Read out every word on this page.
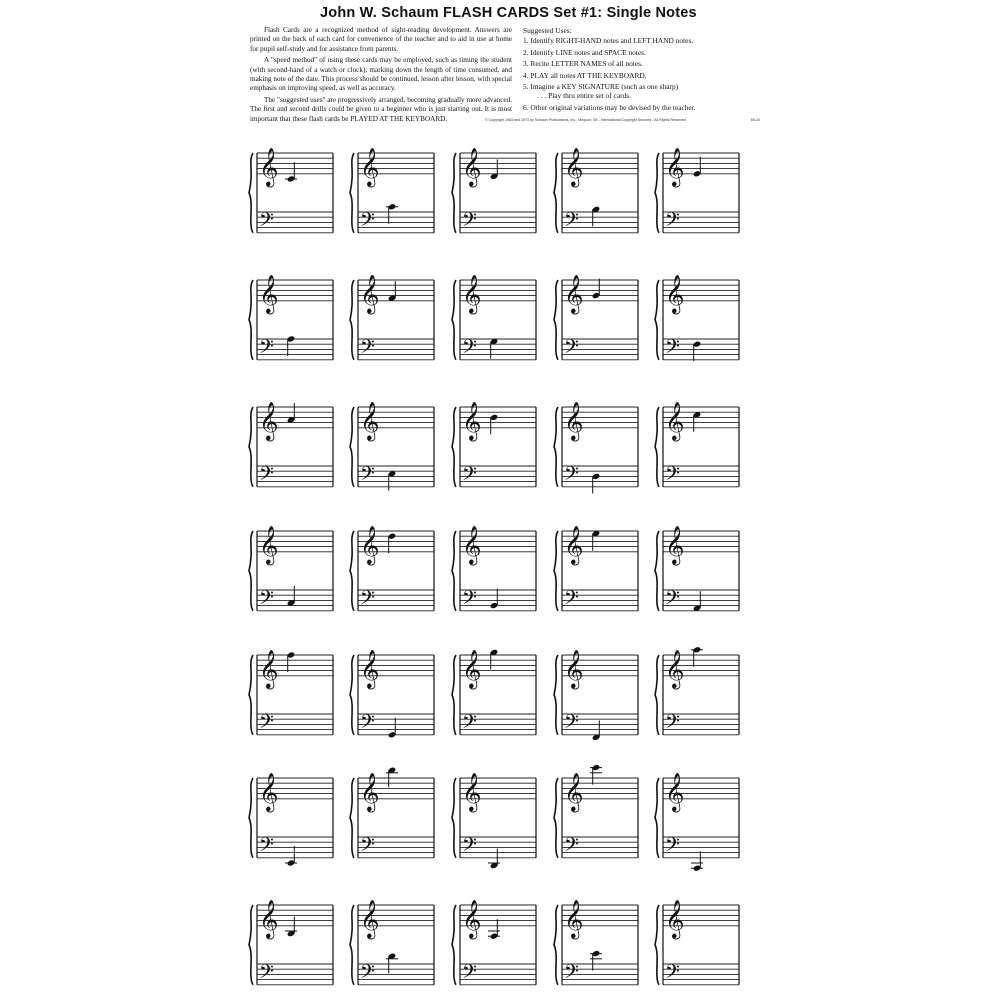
John W. Schaum FLASH CARDS Set #1: Single Notes

Flash Cards are a recognized method of sight-reading development. Answers are printed on the back of each card for convenience of the teacher and to aid in use at home for pupil self-study and for assistance from parents.

A "speed method" of using these cards may be employed, such as timing the student (with second-hand of a watch or clock), marking down the length of time consumed, and making note of the date. This process should be continued, lesson after lesson, with special emphasis on improving speed, as well as accuracy.

The "suggested uses" are progressively arranged, becoming gradually more advanced. The first and second drills could be given to a beginner who is just starting out. It is most important that these flash cards be PLAYED AT THE KEYBOARD.

Suggested Uses:
1. Identify RIGHT-HAND notes and LEFT HAND notes.
2. Identify LINE notes and SPACE notes.
3. Recite LETTER NAMES of all notes.
4. PLAY all notes AT THE KEYBOARD.
5. Imagine a KEY SIGNATURE (such as one sharp)
. . . Play thru entire set of cards.
6. Other original variations may be devised by the teacher.
© Copyright 1963 and 1973 by Schaum Publications, Inc., Mequon, WI - International Copyright Secured - All Rights Reserved	65-20
𝄞
𝄢
𝄞
𝄢
𝄞
𝄢
𝄞
𝄢
𝄞
𝄢
𝄞
𝄢
𝄞
𝄢
𝄞
𝄢
𝄞
𝄢
𝄞
𝄢
𝄞
𝄢
𝄞
𝄢
𝄞
𝄢
𝄞
𝄢
𝄞
𝄢
𝄞
𝄢
𝄞
𝄢
𝄞
𝄢
𝄞
𝄢
𝄞
𝄢
𝄞
𝄢
𝄞
𝄢
𝄞
𝄢
𝄞
𝄢
𝄞
𝄢
𝄞
𝄢
𝄞
𝄢
𝄞
𝄢
𝄞
𝄢
𝄞
𝄢
𝄞
𝄢
𝄞
𝄢
𝄞
𝄢
𝄞
𝄢
𝄞
𝄢
